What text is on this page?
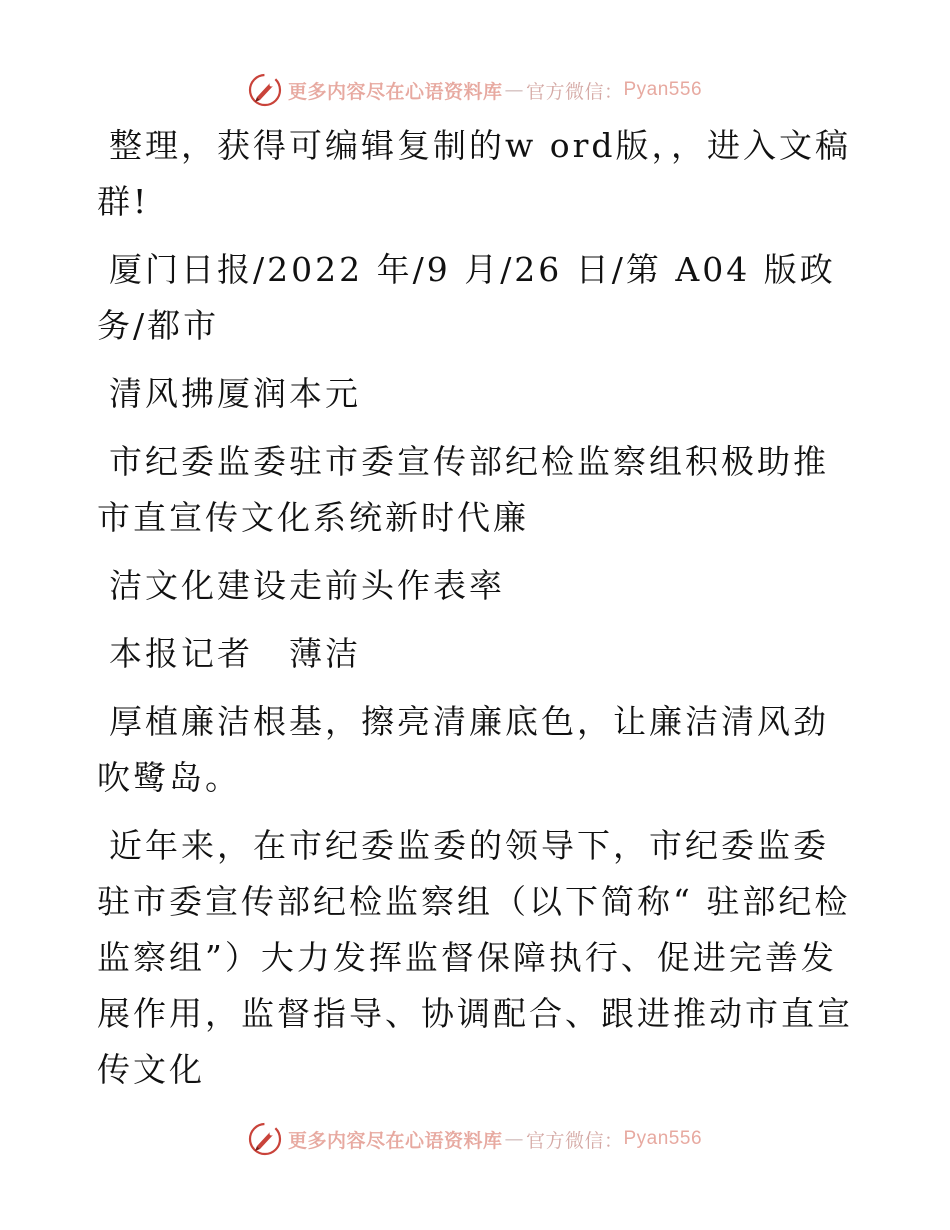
更多内容尽在心语资料库 — 官方微信： Pyan556

整理，获得可编辑复制的w ord版，，进入文稿群!

厦门日报/2022 年/9 月/26 日/第 A04 版政务/都市

清风拂厦润本元

市纪委监委驻市委宣传部纪检监察组积极助推市直宣传文化系统新时代廉

洁文化建设走前头作表率

本报记者　薄洁

厚植廉洁根基，擦亮清廉底色，让廉洁清风劲吹鹭岛。

近年来，在市纪委监委的领导下，市纪委监委驻市委宣传部纪检监察组（以下简称“ 驻部纪检监察组”）大力发挥监督保障执行、促进完善发展作用，监督指导、协调配合、跟进推动市直宣传文化

更多内容尽在心语资料库 — 官方微信： Pyan556
